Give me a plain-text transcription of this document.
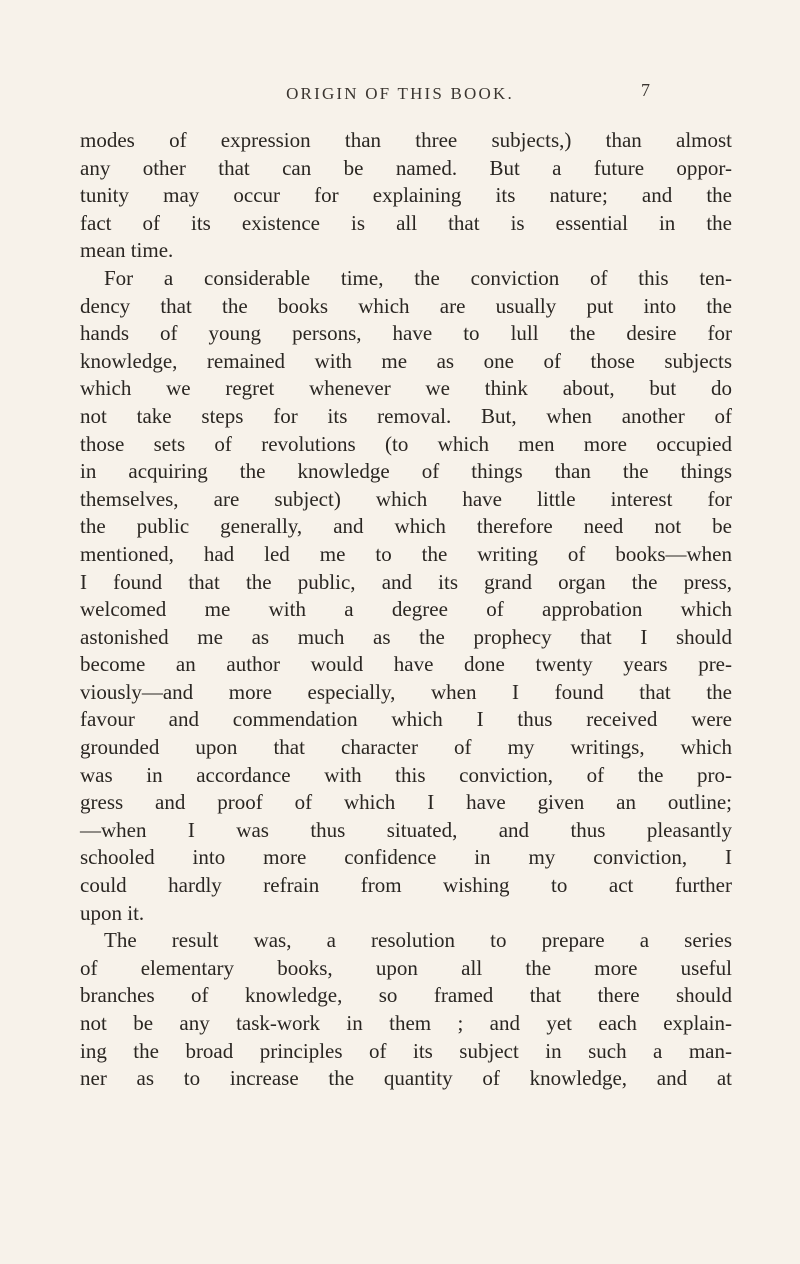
ORIGIN OF THIS BOOK.	7
modes of expression than three subjects,) than almost
any other that can be named. But a future oppor-
tunity may occur for explaining its nature; and the
fact of its existence is all that is essential in the
mean time.
For a considerable time, the conviction of this ten-
dency that the books which are usually put into the
hands of young persons, have to lull the desire for
knowledge, remained with me as one of those subjects
which we regret whenever we think about, but do
not take steps for its removal. But, when another of
those sets of revolutions (to which men more occupied
in acquiring the knowledge of things than the things
themselves, are subject) which have little interest for
the public generally, and which therefore need not be
mentioned, had led me to the writing of books—when
I found that the public, and its grand organ the press,
welcomed me with a degree of approbation which
astonished me as much as the prophecy that I should
become an author would have done twenty years pre-
viously—and more especially, when I found that the
favour and commendation which I thus received were
grounded upon that character of my writings, which
was in accordance with this conviction, of the pro-
gress and proof of which I have given an outline;
—when I was thus situated, and thus pleasantly
schooled into more confidence in my conviction, I
could hardly refrain from wishing to act further
upon it.
The result was, a resolution to prepare a series
of elementary books, upon all the more useful
branches of knowledge, so framed that there should
not be any task-work in them ; and yet each explain-
ing the broad principles of its subject in such a man-
ner as to increase the quantity of knowledge, and at
